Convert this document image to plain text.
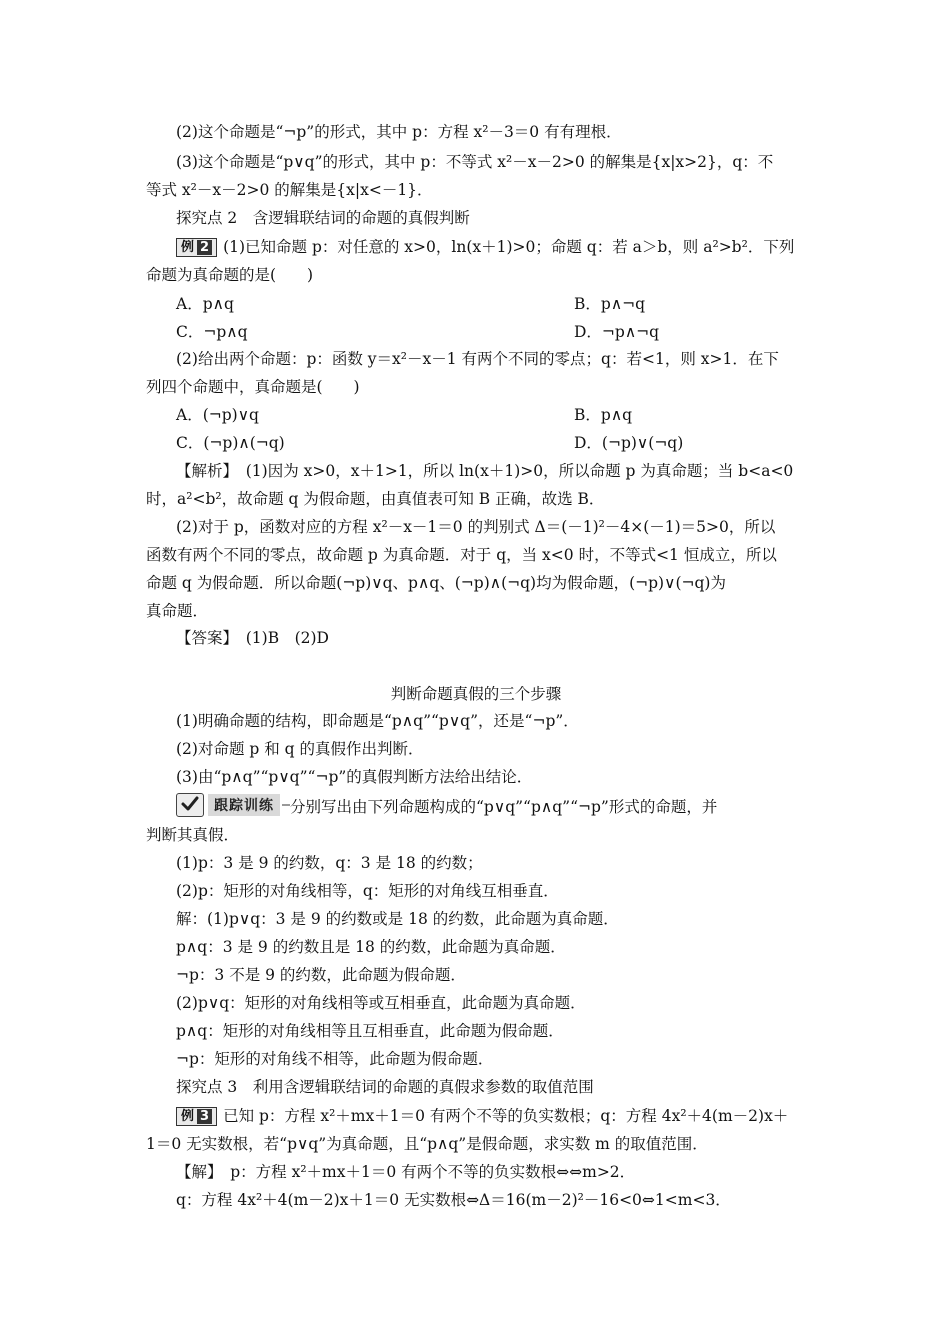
(2)这个命题是“¬p”的形式，其中 p：方程 x²－3＝0 有有理根．
(3)这个命题是“p∨q”的形式，其中 p：不等式 x²－x－2>0 的解集是{x|x>2}，q：不
等式 x²－x－2>0 的解集是{x|x<－1}．
探究点 2　含逻辑联结词的命题的真假判断
例 2 (1)已知命题 p：对任意的 x>0，ln(x＋1)>0；命题 q：若 a＞b，则 a²>b²．下列
命题为真命题的是(　　)
A．p∧q	B．p∧¬q
C．¬p∧q	D．¬p∧¬q
(2)给出两个命题：p：函数 y＝x²－x－1 有两个不同的零点；q：若<1，则 x>1．在下
列四个命题中，真命题是(　　)
A．(¬p)∨q	B．p∧q
C．(¬p)∧(¬q)	D．(¬p)∨(¬q)
【解析】　(1)因为 x>0，x＋1>1，所以 ln(x＋1)>0，所以命题 p 为真命题；当 b<a<0
时，a²<b²，故命题 q 为假命题，由真值表可知 B 正确，故选 B．
(2)对于 p，函数对应的方程 x²－x－1＝0 的判别式 Δ＝(－1)²－4×(－1)＝5>0，所以
函数有两个不同的零点，故命题 p 为真命题．对于 q，当 x<0 时，不等式<1 恒成立，所以
命题 q 为假命题．所以命题(¬p)∨q、p∧q、(¬p)∧(¬q)均为假命题，(¬p)∨(¬q)为
真命题．
【答案】　(1)B　(2)D
判断命题真假的三个步骤
(1)明确命题的结构，即命题是“p∧q”“p∨q”，还是“¬p”．
(2)对命题 p 和 q 的真假作出判断．
(3)由“p∧q”“p∨q”“¬p”的真假判断方法给出结论．
跟踪训练	分别写出由下列命题构成的“p∨q”“p∧q”“¬p”形式的命题，并
判断其真假．
(1)p：3 是 9 的约数，q：3 是 18 的约数；
(2)p：矩形的对角线相等，q：矩形的对角线互相垂直．
解：(1)p∨q：3 是 9 的约数或是 18 的约数，此命题为真命题．
p∧q：3 是 9 的约数且是 18 的约数，此命题为真命题．
¬p：3 不是 9 的约数，此命题为假命题．
(2)p∨q：矩形的对角线相等或互相垂直，此命题为真命题．
p∧q：矩形的对角线相等且互相垂直，此命题为假命题．
¬p：矩形的对角线不相等，此命题为假命题．
探究点 3　利用含逻辑联结词的命题的真假求参数的取值范围
例 3 已知 p：方程 x²＋mx＋1＝0 有两个不等的负实数根；q：方程 4x²＋4(m－2)x＋
1＝0 无实数根，若“p∨q”为真命题，且“p∧q”是假命题，求实数 m 的取值范围．
【解】　p：方程 x²＋mx＋1＝0 有两个不等的负实数根⇔⇔m>2．
q：方程 4x²＋4(m－2)x＋1＝0 无实数根⇔Δ＝16(m－2)²－16<0⇔1<m<3．
